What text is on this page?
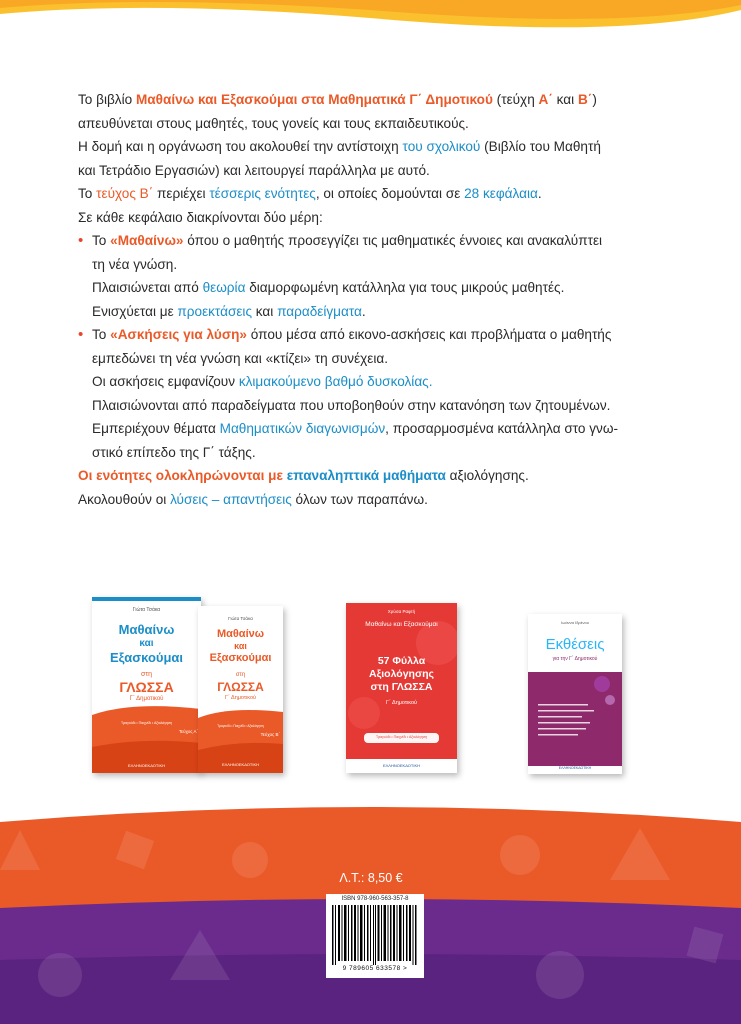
Το βιβλίο Μαθαίνω και Εξασκούμαι στα Μαθηματικά Γ΄ Δημοτικού (τεύχη Α΄ και Β΄)

απευθύνεται στους μαθητές, τους γονείς και τους εκπαιδευτικούς.

Η δομή και η οργάνωση του ακολουθεί την αντίστοιχη του σχολικού (Βιβλίο του Μαθητή

και Τετράδιο Εργασιών) και λειτουργεί παράλληλα με αυτό.

Το τεύχος Β΄ περιέχει τέσσερις ενότητες, οι οποίες δομούνται σε 28 κεφάλαια.

Σε κάθε κεφάλαιο διακρίνονται δύο μέρη:

• Το «Μαθαίνω» όπου ο μαθητής προσεγγίζει τις μαθηματικές έννοιες και ανακαλύπτει

τη νέα γνώση.

Πλαισιώνεται από θεωρία διαμορφωμένη κατάλληλα για τους μικρούς μαθητές.

Ενισχύεται με προεκτάσεις και παραδείγματα.

• Το «Ασκήσεις για λύση» όπου μέσα από εικονο-ασκήσεις και προβλήματα ο μαθητής

εμπεδώνει τη νέα γνώση και «κτίζει» τη συνέχεια.

Οι ασκήσεις εμφανίζουν κλιμακούμενο βαθμό δυσκολίας.

Πλαισιώνονται από παραδείγματα που υποβοηθούν στην κατανόηση των ζητουμένων.

Εμπεριέχουν θέματα Μαθηματικών διαγωνισμών, προσαρμοσμένα κατάλληλα στο γνω-

στικό επίπεδο της Γ΄ τάξης.

Οι ενότητες ολοκληρώνονται με επαναληπτικά μαθήματα αξιολόγησης.

Ακολουθούν οι λύσεις – απαντήσεις όλων των παραπάνω.

Γιώτα Τσάκα
Μαθαίνω
και
Εξασκούμαι
στη
ΓΛΩΣΣΑ
Γ΄ Δημοτικού
Τραγούδι • Παιχνίδι • Αξιολόγηση
Τεύχος Α΄
ΕΛΛΗΝΟΕΚΔΟΤΙΚΗ
Γιώτα Τσάκα
Μαθαίνω
και
Εξασκούμαι
στη
ΓΛΩΣΣΑ
Γ΄ Δημοτικού
Τραγούδι • Παιχνίδι • Αξιολόγηση
Τεύχος Β΄
ΕΛΛΗΝΟΕΚΔΟΤΙΚΗ
Χρύσα Ραφτή
Μαθαίνω και Εξασκούμαι
57 Φύλλα
Αξιολόγησης
στη ΓΛΩΣΣΑ
Γ΄ Δημοτικού
Τραγούδι • Παιχνίδι • Αξιολόγηση
ΕΛΛΗΝΟΕΚΔΟΤΙΚΗ
Ιωάννα Ιδρένου
Εκθέσεις
για την Γ΄ Δημοτικού
ΕΛΛΗΝΟΕΚΔΟΤΙΚΗ
Λ.Τ.: 8,50 €
ISBN 978-960-563-357-8
9 789605 633578 >
